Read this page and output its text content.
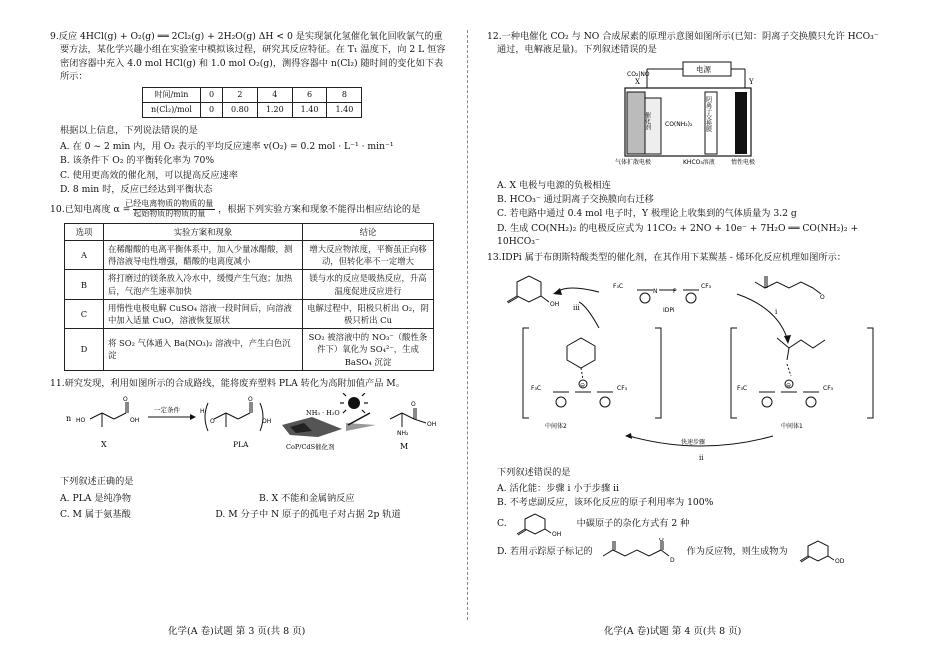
9.反应 4HCl(g) + O₂(g) ══ 2Cl₂(g) + 2H₂O(g) ΔH < 0 是实现氯化氢催化氧化回收氯气的重要方法，某化学兴趣小组在实验室中模拟该过程，研究其反应特征。在 T₁ 温度下，向 2 L 恒容密闭容器中充入 4.0 mol HCl(g) 和 1.0 mol O₂(g)，测得容器中 n(Cl₂) 随时间的变化如下表所示：

时间/min	0	2	4	6	8
n(Cl₂)/mol	0	0.80	1.20	1.40	1.40

根据以上信息，下列说法错误的是

A. 在 0 ~ 2 min 内，用 O₂ 表示的平均反应速率 v(O₂) = 0.2 mol · L⁻¹ · min⁻¹

B. 该条件下 O₂ 的平衡转化率为 70%

C. 使用更高效的催化剂，可以提高反应速率

D. 8 min 时，反应已经达到平衡状态

10.已知电离度 $\alpha = \frac{\text{已经电离物质的物质的量}}{\text{起始物质的物质的量}}$ ，根据下列实验方案和现象不能得出相应结论的是

选项	实验方案和现象	结论
A	在稀醋酸的电离平衡体系中，加入少量冰醋酸，测得溶液导电性增强，醋酸的电离度减小	增大反应物浓度，平衡虽正向移动，但转化率不一定增大
B	将打磨过的镁条放入冷水中，缓慢产生气泡；加热后，气泡产生速率加快	镁与水的反应是吸热反应，升高温度促进反应进行
C	用惰性电极电解 CuSO₄ 溶液一段时间后，向溶液中加入适量 CuO，溶液恢复原状	电解过程中，阳极只析出 O₂，阴极只析出 Cu
D	将 SO₂ 气体通入 Ba(NO₃)₂ 溶液中，产生白色沉淀	SO₂ 被溶液中的 NO₃⁻（酸性条件下）氧化为 SO₄²⁻，生成 BaSO₄ 沉淀

11.研究发现，利用如图所示的合成路线，能将废弃塑料 PLA 转化为高附加值产品 M。

n HO	OH
O
X
一定条件	H
O	OH
O
PLA
NH₃ · H₂O
CoP/CdS催化剂
O
OH
NH₂
M

下列叙述正确的是

A. PLA 是纯净物	B. X 不能和金属钠反应
C. M 属于氨基酸	D. M 分子中 N 原子的孤电子对占据 2p 轨道
化学(A 卷)试题 第 3 页(共 8 页)

12.一种电催化 CO₂ 与 NO 合成尿素的原理示意图如图所示(已知：阴离子交换膜只允许 HCO₃⁻ 通过，电解液足量)。下列叙述错误的是

电源
X	Y
CO₂|NO
催化剂 CO(NH₂)₂ 阴离子交换膜
气体扩散电极	KHCO₃溶液	惰性电极

A. X 电极与电源的负极相连

B. HCO₃⁻ 通过阴离子交换膜向右迁移

C. 若电路中通过 0.4 mol 电子时，Y 极理论上收集到的气体质量为 3.2 g

D. 生成 CO(NH₂)₂ 的电极反应式为 11CO₂ + 2NO + 10e⁻ + 7H₂O ══ CO(NH₂)₂ + 10HCO₃⁻

13.IDPi 属于布朗斯特酸类型的催化剂，在其作用下某羰基 - 烯环化反应机理如图所示：

OH
N	P
F₃C	CF₃
IDPi
O
i
iii
⊖
F₃C	CF₃
中间体2
⊖
F₃C	CF₃
中间体1
快速步骤
ii

下列叙述错误的是

A. 活化能：步骤 i 小于步骤 ii

B. 不考虑副反应，该环化反应的原子利用率为 100%

C.
OH
中碳原子的杂化方式有 2 种
D. 若用示踪原子标记的
O
D
作为反应物，则生成物为
OD
化学(A 卷)试题 第 4 页(共 8 页)
